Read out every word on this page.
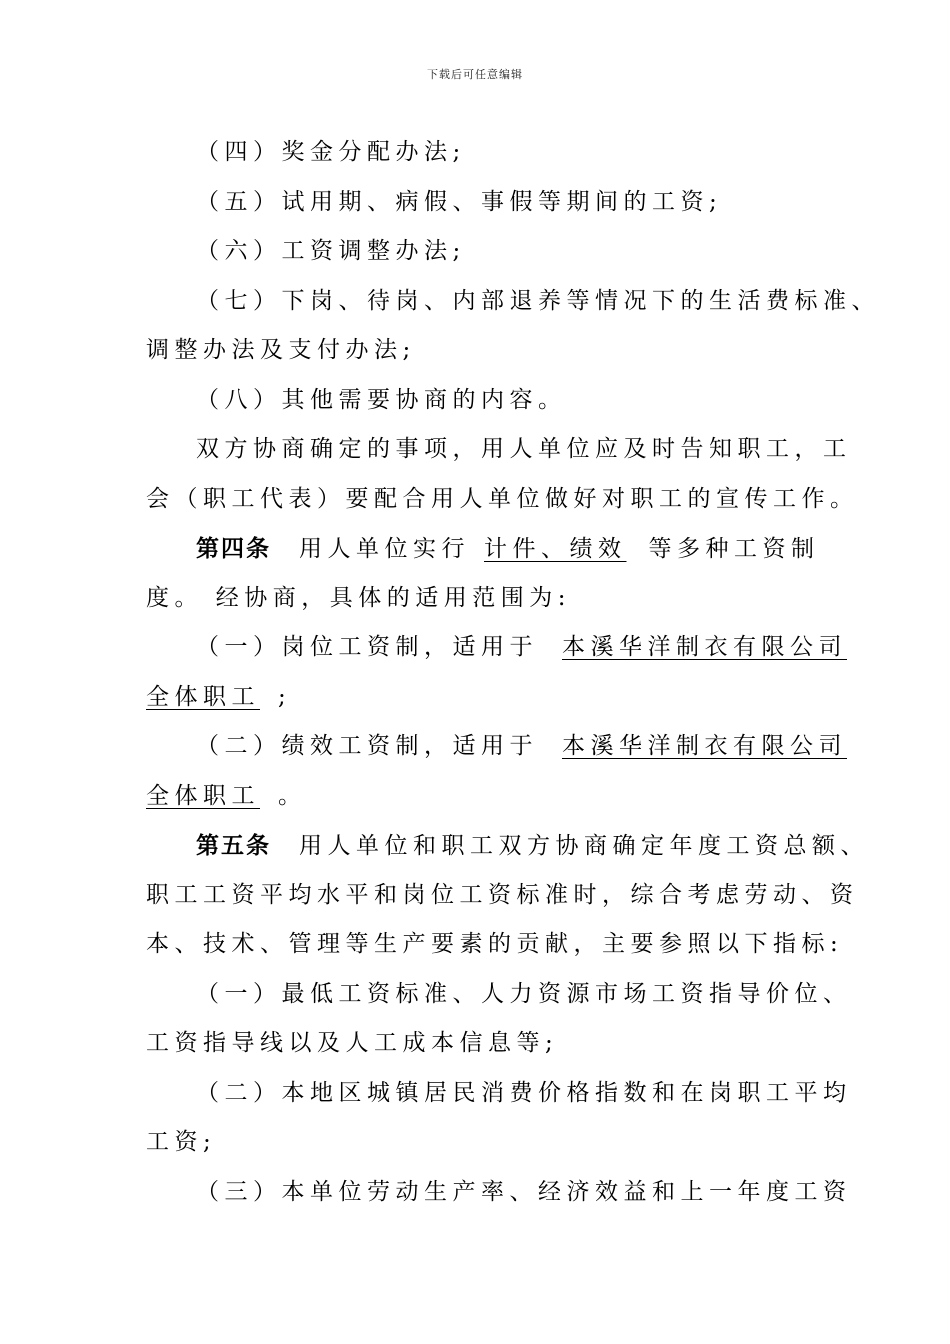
下载后可任意编辑
（四）奖金分配办法;
（五）试用期、病假、事假等期间的工资;
（六）工资调整办法;
（七）下岗、待岗、内部退养等情况下的生活费标准、
调整办法及支付办法;
（八）其他需要协商的内容。
双方协商确定的事项，用人单位应及时告知职工，工
会（职工代表）要配合用人单位做好对职工的宣传工作。
第四条 用人单位实行 计件、绩效 等多种工资制
度。 经协商，具体的适用范围为:
（一）岗位工资制，适用于 本溪华洋制衣有限公司
全体职工 ;
（二）绩效工资制，适用于 本溪华洋制衣有限公司
全体职工 。
第五条 用人单位和职工双方协商确定年度工资总额、
职工工资平均水平和岗位工资标准时，综合考虑劳动、资
本、技术、管理等生产要素的贡献，主要参照以下指标:
（一）最低工资标准、人力资源市场工资指导价位、
工资指导线以及人工成本信息等;
（二）本地区城镇居民消费价格指数和在岗职工平均
工资;
（三）本单位劳动生产率、经济效益和上一年度工资
